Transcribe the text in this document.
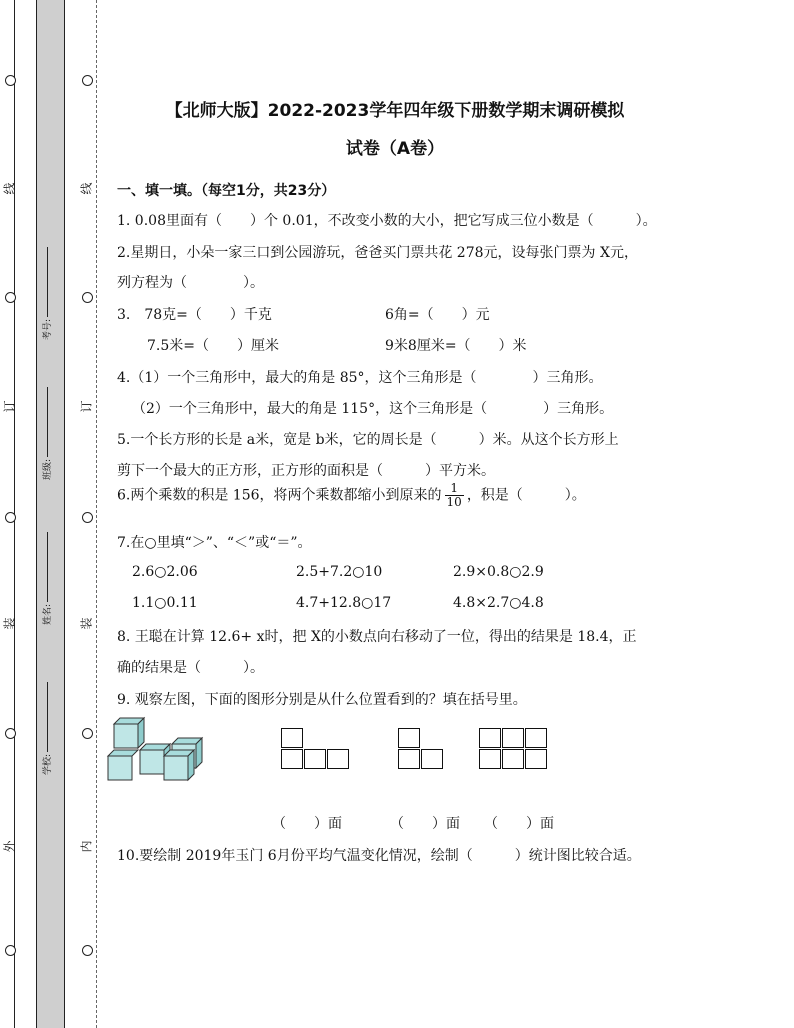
线
订
装
外
线
订
装
内
考号:
班级:
姓名:
学校:
【北师大版】2022-2023学年四年级下册数学期末调研模拟
试卷（A卷）
一、填一填。（每空1分，共23分）
1. 0.08里面有（　　）个 0.01，不改变小数的大小，把它写成三位小数是（　　　）。
2.星期日，小朵一家三口到公园游玩，爸爸买门票共花 278元，设每张门票为 X元，
列方程为（　　　　）。
3.　78克=（　　）千克	6角=（　　）元
7.5米=（　　）厘米	9米8厘米=（　　）米
4.（1）一个三角形中，最大的角是 85°，这个三角形是（　　　　）三角形。
（2）一个三角形中，最大的角是 115°，这个三角形是（　　　　）三角形。
5.一个长方形的长是 a米，宽是 b米，它的周长是（　　　）米。从这个长方形上
剪下一个最大的正方形，正方形的面积是（　　　）平方米。
6.两个乘数的积是 156，将两个乘数都缩小到原来的 $\frac{1}{10}$ ，积是（　　　）。
7.在○里填“＞”、“＜”或“＝”。
2.6○2.06	2.5+7.2○10	2.9×0.8○2.9
1.1○0.11	4.7+12.8○17	4.8×2.7○4.8
8. 王聪在计算 12.6+ x时，把 X的小数点向右移动了一位，得出的结果是 18.4，正
确的结果是（　　　）。
9. 观察左图，下面的图形分别是从什么位置看到的？填在括号里。
（　　）面	（　　）面 （　　）面
10.要绘制 2019年玉门 6月份平均气温变化情况，绘制（　　　）统计图比较合适。
